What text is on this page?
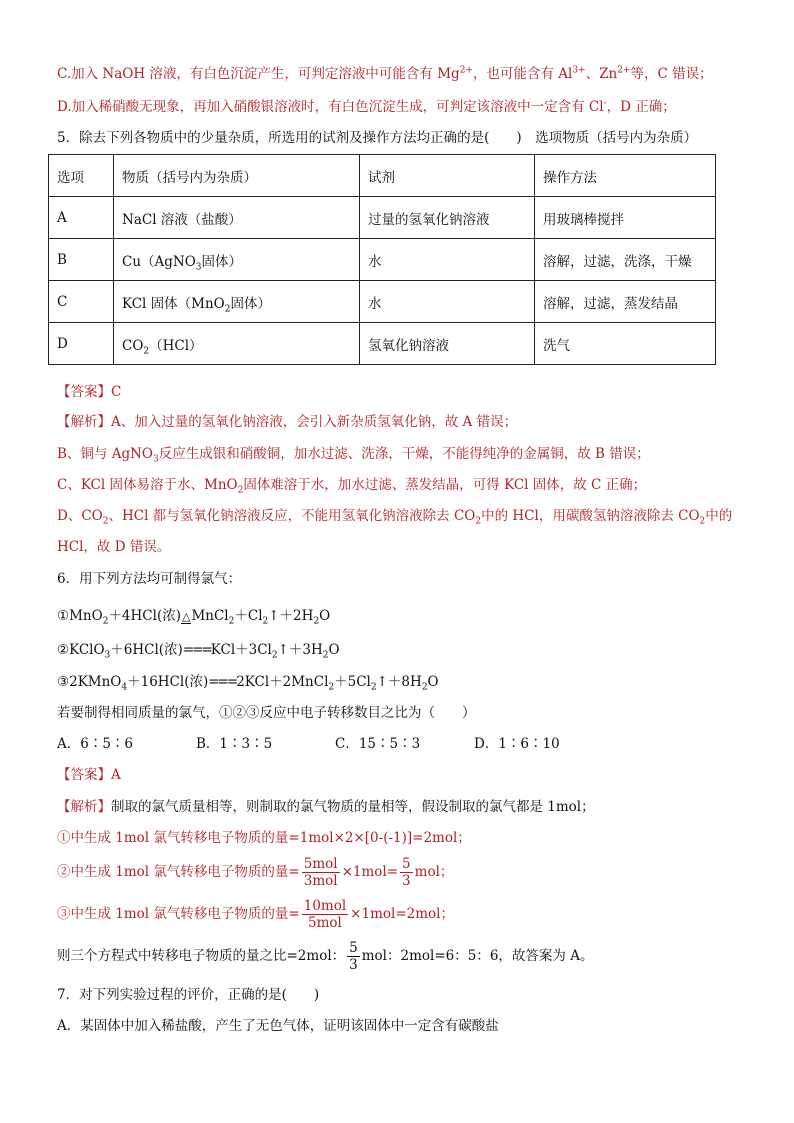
C.加入 NaOH 溶液，有白色沉淀产生，可判定溶液中可能含有 $Mg^{2+}$，也可能含有 $Al^{3+}$、$Zn^{2+}$等，C 错误；
D.加入稀硝酸无现象，再加入硝酸银溶液时，有白色沉淀生成，可判定该溶液中一定含有 Cl-，D 正确；
5．除去下列各物质中的少量杂质，所选用的试剂及操作方法均正确的是(　　)　选项物质（括号内为杂质）
选项	物质（括号内为杂质）	试剂	操作方法
A	NaCl 溶液（盐酸）	过量的氢氧化钠溶液	用玻璃棒搅拌
B	Cu（AgNO$_3$固体）	水	溶解，过滤，洗涤，干燥
C	KCl 固体（MnO$_2$固体）	水	溶解，过滤，蒸发结晶
D	$CO_2(HCl)$	氢氧化钠溶液	洗气
【答案】C
【解析】A、加入过量的氢氧化钠溶液，会引入新杂质氢氧化钠，故 A 错误；
B、铜与 AgNO$_3$反应生成银和硝酸铜，加水过滤、洗涤，干燥，不能得纯净的金属铜，故 B 错误；
C、KCl 固体易溶于水、MnO$_2$固体难溶于水，加水过滤、蒸发结晶，可得 KCl 固体，故 C 正确；
D、$CO_2$、HCl 都与氢氧化钠溶液反应，不能用氢氧化钠溶液除去 $CO_2$中的 HCl，用碳酸氢钠溶液除去 $CO_2$中的
HCl，故 D 错误。
6．用下列方法均可制得氯气：
①MnO$_2$＋4HCl(浓)$\triangle MnCl_2+Cl_2↑+2H_2O$
②KClO$_3$＋6HCl(浓)$===KCl+3Cl_2↑+3H_2O$
③2KMnO$_4$＋16HCl(浓)$===2KCl+2MnCl_2+5Cl_2↑+8H_2O$
若要制得相同质量的氯气，①②③反应中电子转移数目之比为（　　）
A．6∶5∶6	B．1∶3∶5	C．15∶5∶3	D．1∶6∶10
【答案】A
【解析】制取的氯气质量相等，则制取的氯气物质的量相等，假设制取的氯气都是 1mol；
①中生成 1mol 氯气转移电子物质的量=1mol×2×[0-(-1)]=2mol；
②中生成 1mol 氯气转移电子物质的量= $\frac{\text{5mol}}{\text{3mol}} \times 1mol= \frac{5}{3}$ mol；
③中生成 1mol 氯气转移电子物质的量= $\frac{\text{10mol}}{\text{5mol}} \times 1mol=2mol$；
则三个方程式中转移电子物质的量之比=2mol： $\frac{5}{3}$ mol：2mol=6：5：6，故答案为 A。
7．对下列实验过程的评价，正确的是(　　)
A．某固体中加入稀盐酸，产生了无色气体，证明该固体中一定含有碳酸盐
